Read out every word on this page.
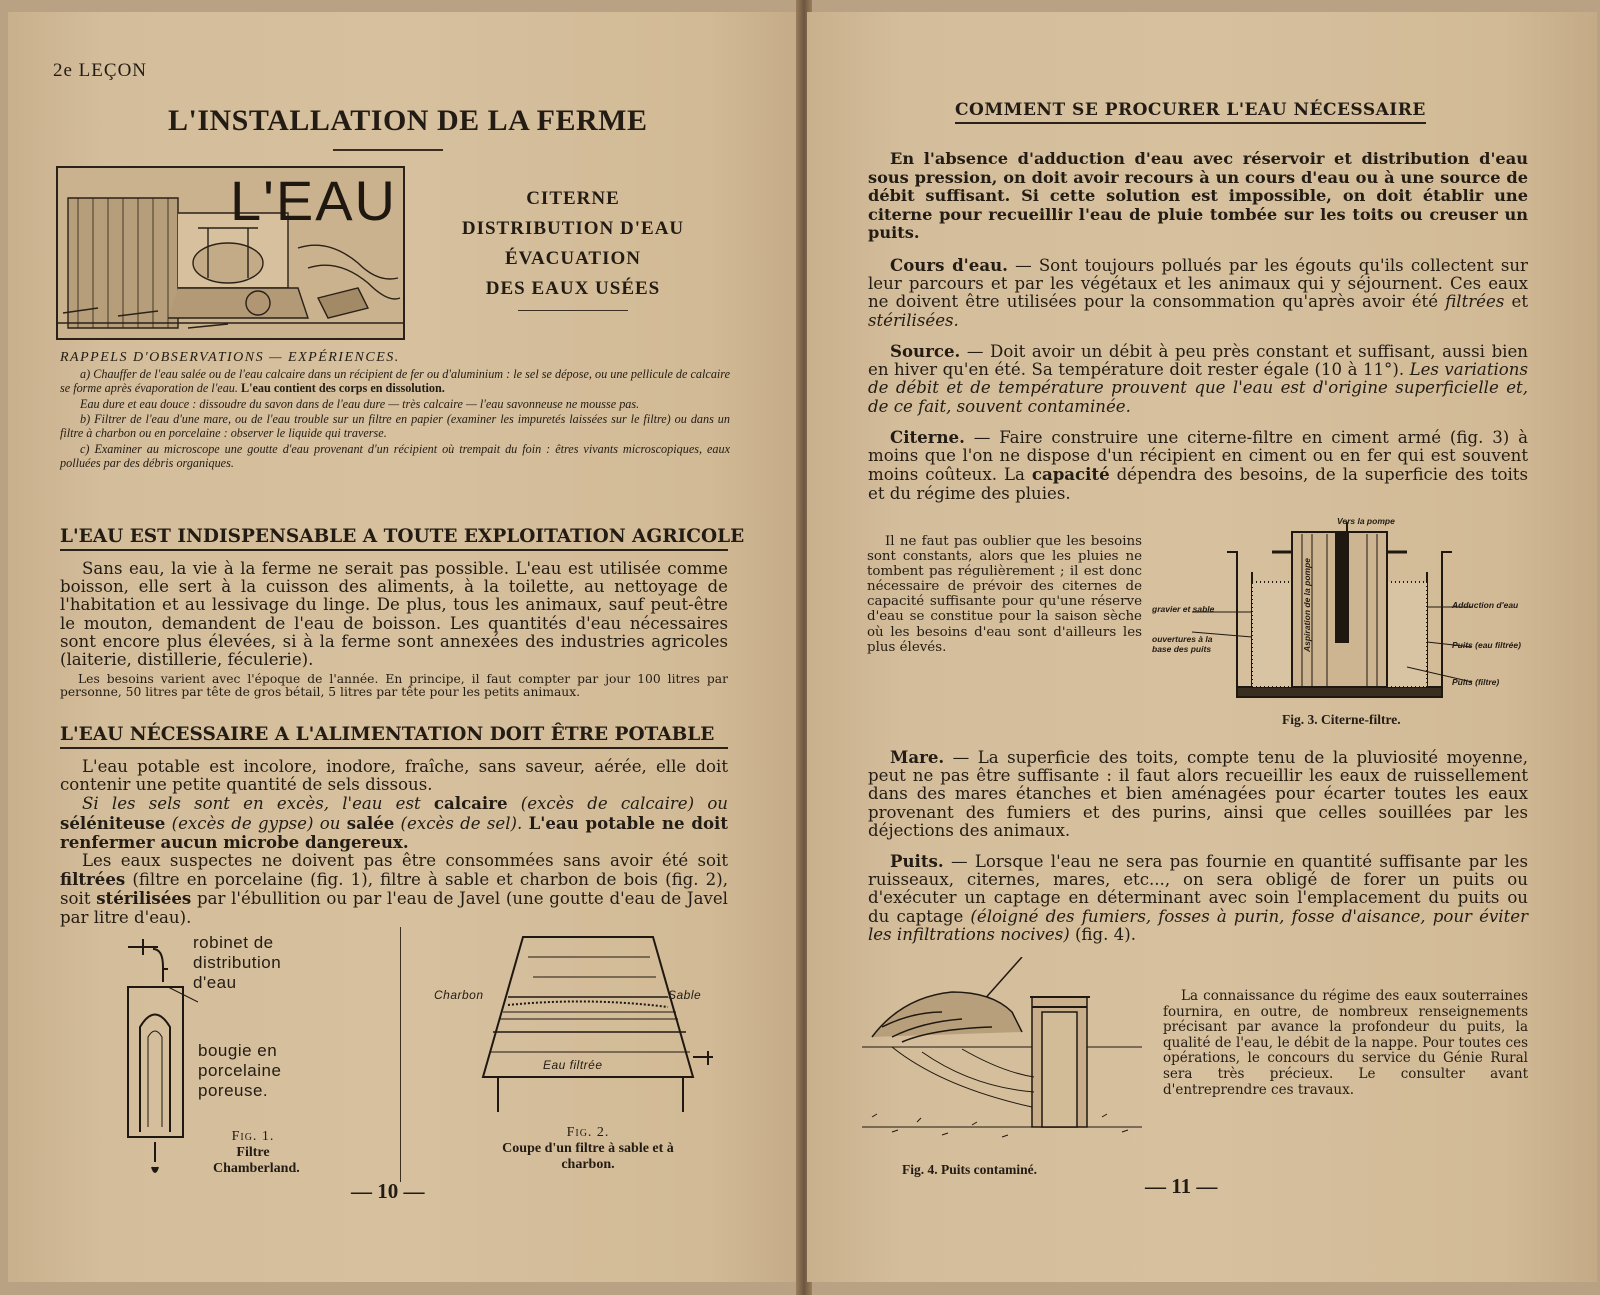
2e LEÇON
L'INSTALLATION DE LA FERME
L'EAU	CITERNE
DISTRIBUTION D'EAU
ÉVACUATION
DES EAUX USÉES
RAPPELS D'OBSERVATIONS — EXPÉRIENCES.

a) Chauffer de l'eau salée ou de l'eau calcaire dans un récipient de fer ou d'aluminium : le sel se dépose, ou une pellicule de calcaire se forme après évaporation de l'eau. L'eau contient des corps en dissolution.

Eau dure et eau douce : dissoudre du savon dans de l'eau dure — très calcaire — l'eau savonneuse ne mousse pas.

b) Filtrer de l'eau d'une mare, ou de l'eau trouble sur un filtre en papier (examiner les impuretés laissées sur le filtre) ou dans un filtre à charbon ou en porcelaine : observer le liquide qui traverse.

c) Examiner au microscope une goutte d'eau provenant d'un récipient où trempait du foin : êtres vivants microscopiques, eaux polluées par des débris organiques.

L'EAU EST INDISPENSABLE A TOUTE EXPLOITATION AGRICOLE

Sans eau, la vie à la ferme ne serait pas possible. L'eau est utilisée comme boisson, elle sert à la cuisson des aliments, à la toilette, au nettoyage de l'habitation et au lessivage du linge. De plus, tous les animaux, sauf peut-être le mouton, demandent de l'eau de boisson. Les quantités d'eau nécessaires sont encore plus élevées, si à la ferme sont annexées des industries agricoles (laiterie, distillerie, féculerie).

Les besoins varient avec l'époque de l'année. En principe, il faut compter par jour 100 litres par personne, 50 litres par tête de gros bétail, 5 litres par tête pour les petits animaux.

L'EAU NÉCESSAIRE A L'ALIMENTATION DOIT ÊTRE POTABLE

L'eau potable est incolore, inodore, fraîche, sans saveur, aérée, elle doit contenir une petite quantité de sels dissous.

Si les sels sont en excès, l'eau est calcaire (excès de calcaire) ou séléniteuse (excès de gypse) ou salée (excès de sel). L'eau potable ne doit renfermer aucun microbe dangereux.

Les eaux suspectes ne doivent pas être consommées sans avoir été soit filtrées (filtre en porcelaine (fig. 1), filtre à sable et charbon de bois (fig. 2), soit stérilisées par l'ébullition ou par l'eau de Javel (une goutte d'eau de Javel par litre d'eau).

robinet de distribution d'eau
bougie en porcelaine poreuse.
Fig. 1.
Filtre Chamberland.
Charbon	Sable
Eau filtrée
Fig. 2.
Coupe d'un filtre à sable et à charbon.
— 10 —
COMMENT SE PROCURER L'EAU NÉCESSAIRE

En l'absence d'adduction d'eau avec réservoir et distribution d'eau sous pression, on doit avoir recours à un cours d'eau ou à une source de débit suffisant. Si cette solution est impossible, on doit établir une citerne pour recueillir l'eau de pluie tombée sur les toits ou creuser un puits.

Cours d'eau. — Sont toujours pollués par les égouts qu'ils collectent sur leur parcours et par les végétaux et les animaux qui y séjournent. Ces eaux ne doivent être utilisées pour la consommation qu'après avoir été filtrées et stérilisées.

Source. — Doit avoir un débit à peu près constant et suffisant, aussi bien en hiver qu'en été. Sa température doit rester égale (10 à 11°). Les variations de débit et de température prouvent que l'eau est d'origine superficielle et, de ce fait, souvent contaminée.

Citerne. — Faire construire une citerne-filtre en ciment armé (fig. 3) à moins que l'on ne dispose d'un récipient en ciment ou en fer qui est souvent moins coûteux. La capacité dépendra des besoins, de la superficie des toits et du régime des pluies.

Il ne faut pas oublier que les besoins sont constants, alors que les pluies ne tombent pas régulièrement ; il est donc nécessaire de prévoir des citernes de capacité suffisante pour qu'une réserve d'eau se constitue pour la saison sèche où les besoins d'eau sont d'ailleurs les plus élevés.

Vers la pompe
Aspiration de la pompe
gravier et sable
ouvertures à la base des puits
Adduction d'eau
Puits (eau filtrée)
Puits (filtre)
Fig. 3. Citerne-filtre.

Mare. — La superficie des toits, compte tenu de la pluviosité moyenne, peut ne pas être suffisante : il faut alors recueillir les eaux de ruissellement dans des mares étanches et bien aménagées pour écarter toutes les eaux provenant des fumiers et des purins, ainsi que celles souillées par les déjections des animaux.

Puits. — Lorsque l'eau ne sera pas fournie en quantité suffisante par les ruisseaux, citernes, mares, etc..., on sera obligé de forer un puits ou d'exécuter un captage en déterminant avec soin l'emplacement du puits ou du captage (éloigné des fumiers, fosses à purin, fosse d'aisance, pour éviter les infiltrations nocives) (fig. 4).

Fig. 4. Puits contaminé.

La connaissance du régime des eaux souterraines fournira, en outre, de nombreux renseignements précisant par avance la profondeur du puits, la qualité de l'eau, le débit de la nappe. Pour toutes ces opérations, le concours du service du Génie Rural sera très précieux. Le consulter avant d'entreprendre ces travaux.

— 11 —
